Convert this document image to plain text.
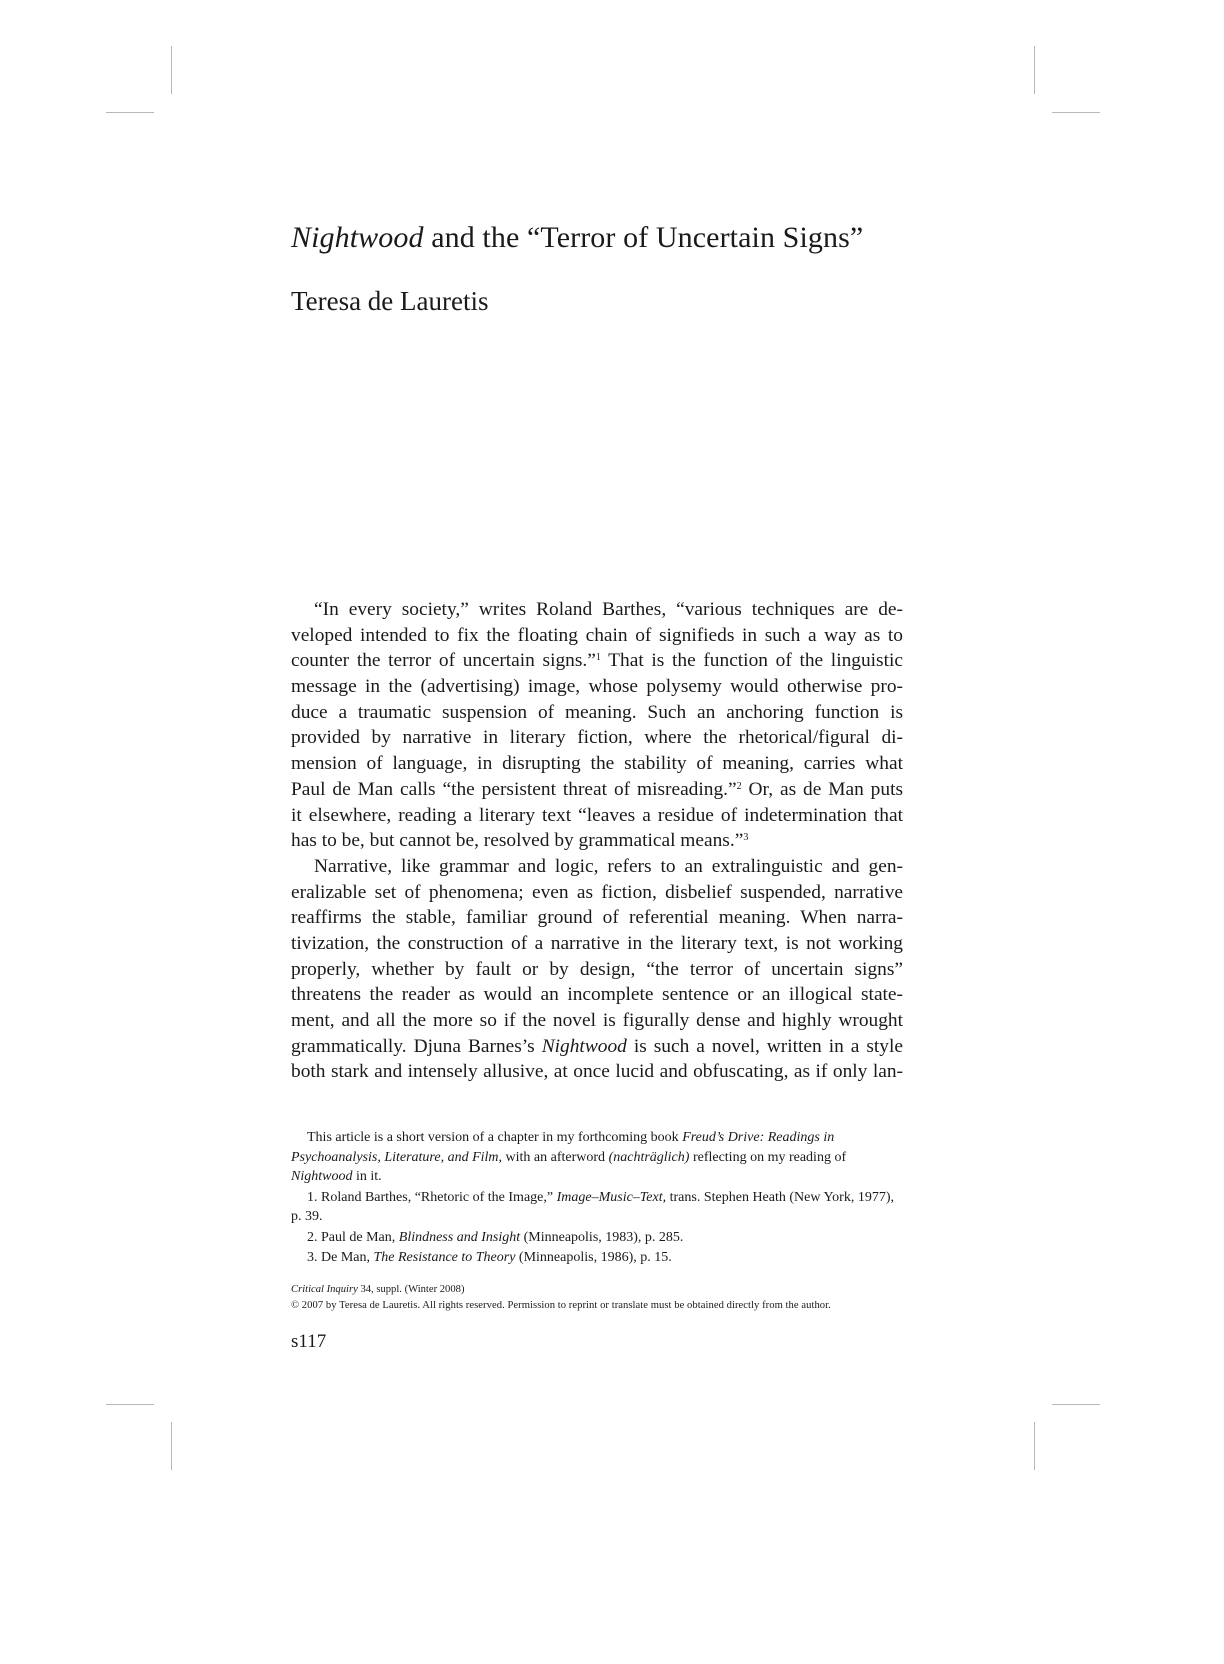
Nightwood and the “Terror of Uncertain Signs”
Teresa de Lauretis
“In every society,” writes Roland Barthes, “various techniques are de-
veloped intended to fix the floating chain of signifieds in such a way as to
counter the terror of uncertain signs.”$^1$ That is the function of the linguistic
message in the (advertising) image, whose polysemy would otherwise pro-
duce a traumatic suspension of meaning. Such an anchoring function is
provided by narrative in literary fiction, where the rhetorical/figural di-
mension of language, in disrupting the stability of meaning, carries what
Paul de Man calls “the persistent threat of misreading.”$^2$ Or, as de Man puts
it elsewhere, reading a literary text “leaves a residue of indetermination that
has to be, but cannot be, resolved by grammatical means.”$^3$
Narrative, like grammar and logic, refers to an extralinguistic and gen-
eralizable set of phenomena; even as fiction, disbelief suspended, narrative
reaffirms the stable, familiar ground of referential meaning. When narra-
tivization, the construction of a narrative in the literary text, is not working
properly, whether by fault or by design, “the terror of uncertain signs”
threatens the reader as would an incomplete sentence or an illogical state-
ment, and all the more so if the novel is figurally dense and highly wrought
grammatically. Djuna Barnes’s Nightwood is such a novel, written in a style
both stark and intensely allusive, at once lucid and obfuscating, as if only lan-
This article is a short version of a chapter in my forthcoming book Freud’s Drive: Readings in Psychoanalysis, Literature, and Film, with an afterword (nachträglich) reflecting on my reading of Nightwood in it.
1. Roland Barthes, “Rhetoric of the Image,” Image–Music–Text, trans. Stephen Heath (New York, 1977), p. 39.
2. Paul de Man, Blindness and Insight (Minneapolis, 1983), p. 285.
3. De Man, The Resistance to Theory (Minneapolis, 1986), p. 15.
Critical Inquiry 34, suppl. (Winter 2008)
© 2007 by Teresa de Lauretis. All rights reserved. Permission to reprint or translate must be obtained directly from the author.
s117
